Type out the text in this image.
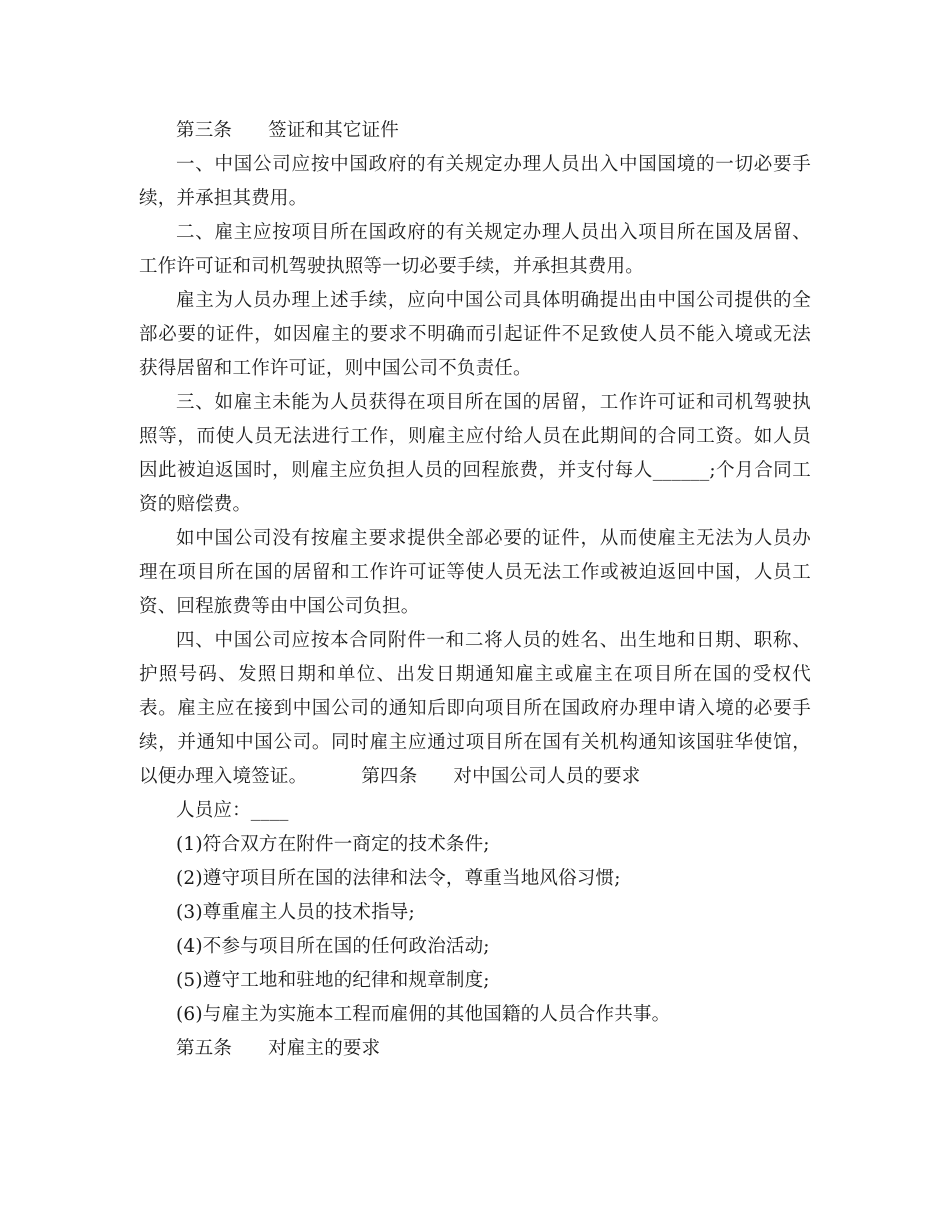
第三条 签证和其它证件

一、中国公司应按中国政府的有关规定办理人员出入中国国境的一切必要手续，并承担其费用。

二、雇主应按项目所在国政府的有关规定办理人员出入项目所在国及居留、工作许可证和司机驾驶执照等一切必要手续，并承担其费用。

雇主为人员办理上述手续，应向中国公司具体明确提出由中国公司提供的全部必要的证件，如因雇主的要求不明确而引起证件不足致使人员不能入境或无法获得居留和工作许可证，则中国公司不负责任。

三、如雇主未能为人员获得在项目所在国的居留，工作许可证和司机驾驶执照等，而使人员无法进行工作，则雇主应付给人员在此期间的合同工资。如人员因此被迫返国时，则雇主应负担人员的回程旅费，并支付每人______;个月合同工资的赔偿费。

如中国公司没有按雇主要求提供全部必要的证件，从而使雇主无法为人员办理在项目所在国的居留和工作许可证等使人员无法工作或被迫返回中国，人员工资、回程旅费等由中国公司负担。

四、中国公司应按本合同附件一和二将人员的姓名、出生地和日期、职称、护照号码、发照日期和单位、出发日期通知雇主或雇主在项目所在国的受权代表。雇主应在接到中国公司的通知后即向项目所在国政府办理申请入境的必要手续，并通知中国公司。同时雇主应通过项目所在国有关机构通知该国驻华使馆，以便办理入境签证。	第四条 对中国公司人员的要求

人员应：____

(1)符合双方在附件一商定的技术条件;

(2)遵守项目所在国的法律和法令，尊重当地风俗习惯;

(3)尊重雇主人员的技术指导;

(4)不参与项目所在国的任何政治活动;

(5)遵守工地和驻地的纪律和规章制度;

(6)与雇主为实施本工程而雇佣的其他国籍的人员合作共事。

第五条 对雇主的要求
